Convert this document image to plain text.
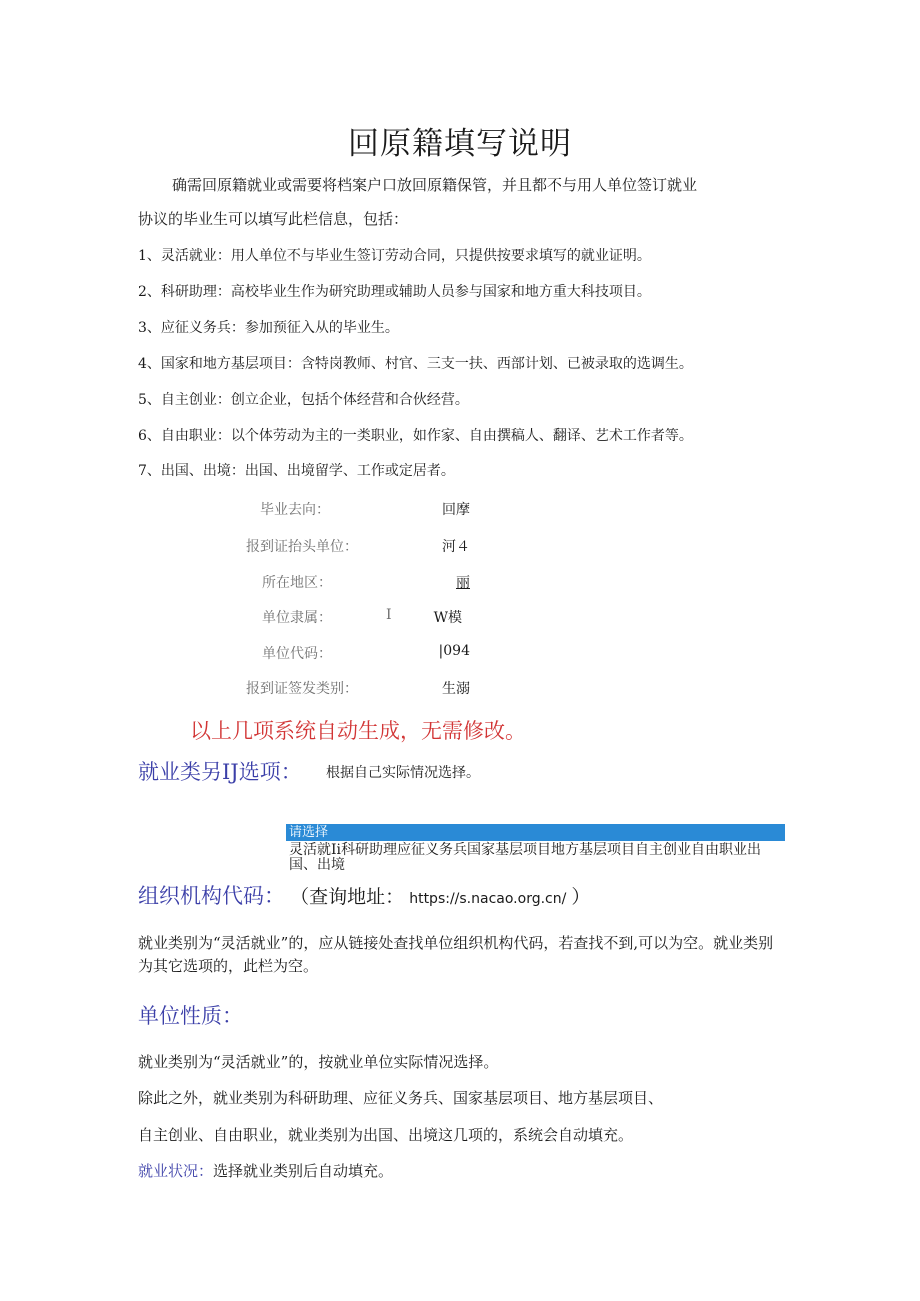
回原籍填写说明
确需回原籍就业或需要将档案户口放回原籍保管，并且都不与用人单位签订就业
协议的毕业生可以填写此栏信息，包括：
1、灵活就业：用人单位不与毕业生签订劳动合同，只提供按要求填写的就业证明。
2、科研助理：高校毕业生作为研究助理或辅助人员参与国家和地方重大科技项目。
3、应征义务兵：参加预征入从的毕业生。
4、国家和地方基层项目：含特岗教师、村官、三支一扶、西部计划、已被录取的选调生。
5、自主创业：创立企业，包括个体经营和合伙经营。
6、自由职业：以个体劳动为主的一类职业，如作家、自由撰稿人、翻译、艺术工作者等。
7、出国、出境：出国、出境留学、工作或定居者。
毕业去向：	回摩
报到证抬头单位：	河４
所在地区：	丽
单位隶属：	I	W模
单位代码：	|094
报到证签发类别：	生溺
以上几项系统自动生成，无需修改。
就业类另IJ选项： 根据自己实际情况选择。
请选择
灵活就Ii科研助理应征义务兵国家基层项目地方基层项目自主创业自由职业出国、出境
组织机构代码： （查询地址： https://s.nacao.org.cn/ ）
就业类别为“灵活就业”的，应从链接处查找单位组织机构代码，若查找不到,可以为空。就业类别为其它选项的，此栏为空。
单位性质：
就业类别为“灵活就业”的，按就业单位实际情况选择。
除此之外，就业类别为科研助理、应征义务兵、国家基层项目、地方基层项目、
自主创业、自由职业，就业类别为出国、出境这几项的，系统会自动填充。
就业状况：选择就业类别后自动填充。
